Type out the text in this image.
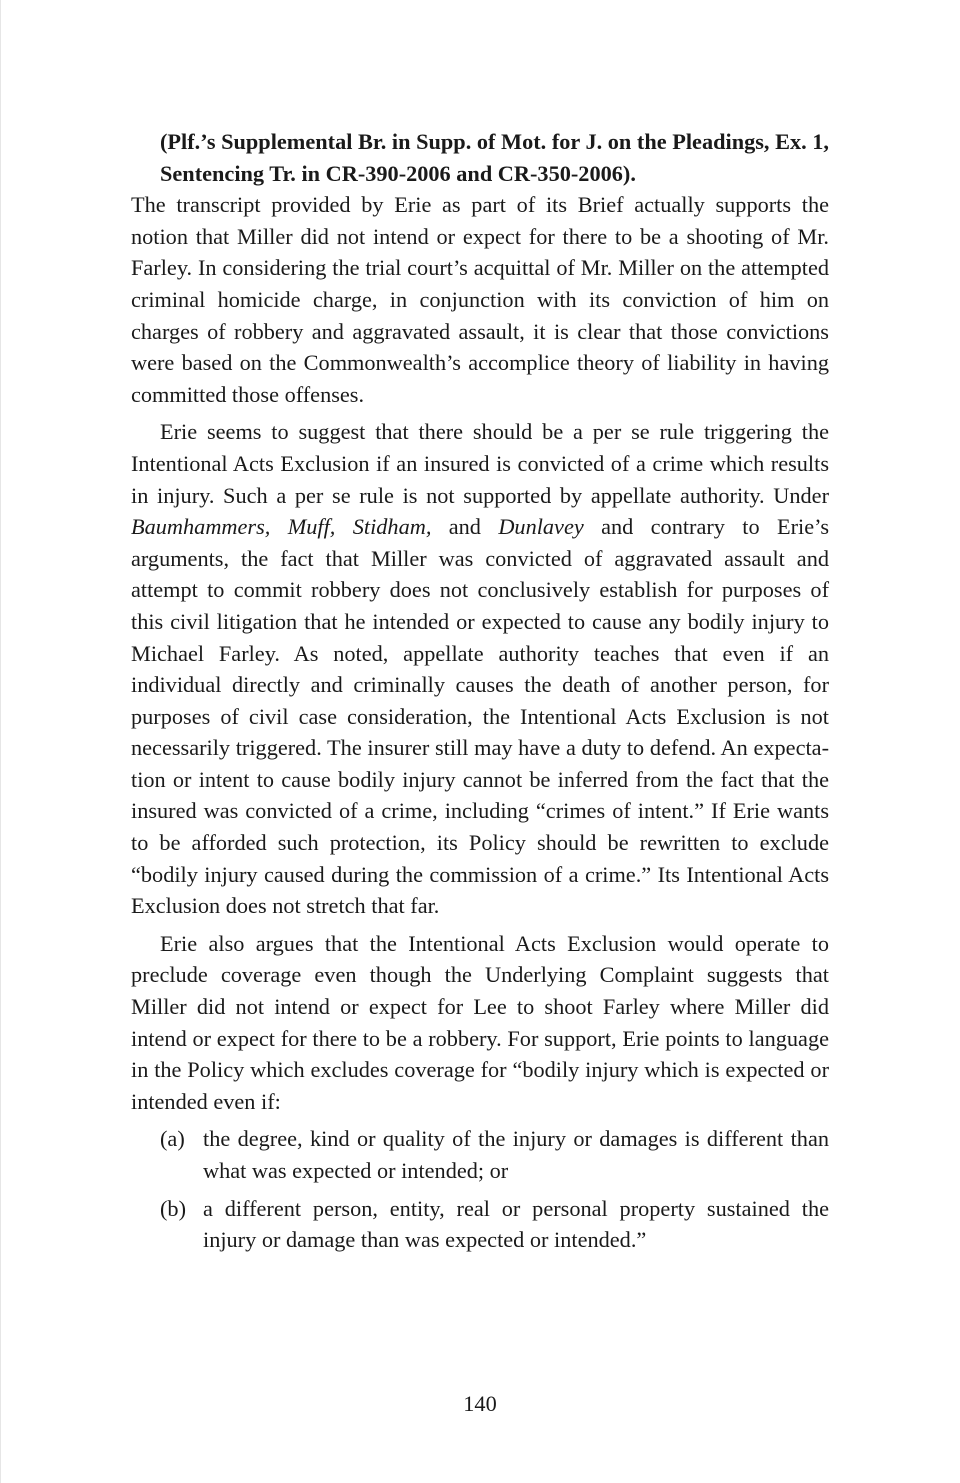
(Plf.’s Supplemental Br. in Supp. of Mot. for J. on the Pleadings, Ex. 1, Sentencing Tr. in CR-390-2006 and CR-350-2006).

The transcript provided by Erie as part of its Brief actually supports the notion that Miller did not intend or expect for there to be a shooting of Mr. Farley. In considering the trial court’s acquittal of Mr. Miller on the attempted criminal homicide charge, in conjunction with its conviction of him on charges of robbery and aggravated assault, it is clear that those convictions were based on the Commonwealth’s accomplice theory of liability in having committed those offenses.

Erie seems to suggest that there should be a per se rule triggering the Intentional Acts Exclusion if an insured is convicted of a crime which results in injury. Such a per se rule is not supported by appellate authority. Under Baumhammers, Muff, Stidham, and Dunlavey and contrary to Erie’s arguments, the fact that Miller was convicted of aggravated assault and attempt to commit robbery does not conclusively establish for purposes of this civil litigation that he intended or expected to cause any bodily injury to Michael Farley. As noted, appellate authority teaches that even if an individual directly and criminally causes the death of another person, for purposes of civil case consideration, the Intentional Acts Exclusion is not necessarily triggered. The insurer still may have a duty to defend. An expectation or intent to cause bodily injury cannot be inferred from the fact that the insured was convicted of a crime, including “crimes of intent.” If Erie wants to be afforded such protection, its Policy should be rewritten to exclude “bodily injury caused during the commission of a crime.” Its Intentional Acts Exclusion does not stretch that far.

Erie also argues that the Intentional Acts Exclusion would operate to preclude coverage even though the Underlying Complaint suggests that Miller did not intend or expect for Lee to shoot Farley where Miller did intend or expect for there to be a robbery. For support, Erie points to language in the Policy which excludes coverage for “bodily injury which is expected or intended even if:

(a) the degree, kind or quality of the injury or damages is different than what was expected or intended; or
(b) a different person, entity, real or personal property sustained the injury or damage than was expected or intended.”
140
